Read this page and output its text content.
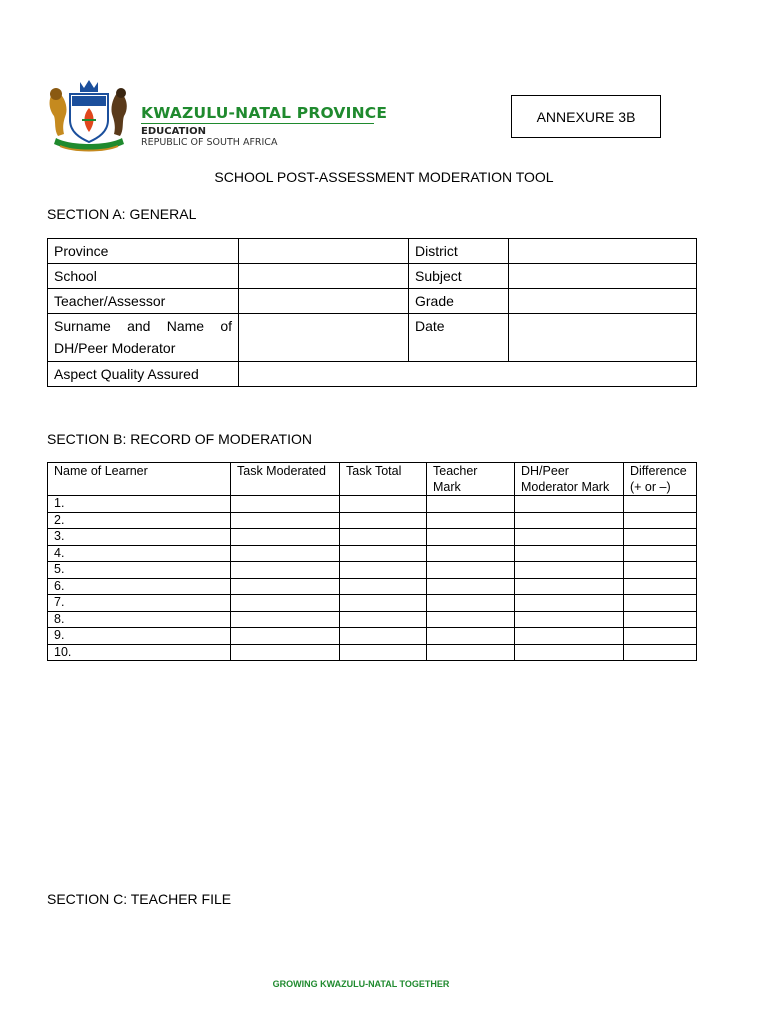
KWAZULU-NATAL PROVINCE
EDUCATION
REPUBLIC OF SOUTH AFRICA
ANNEXURE 3B
SCHOOL POST-ASSESSMENT MODERATION TOOL
SECTION A: GENERAL
Province		District	
School		Subject	
Teacher/Assessor		Grade	

Surname and Name of
DH/Peer Moderator		Date	
Aspect Quality Assured			
SECTION B: RECORD OF MODERATION
Name of Learner	Task Moderated	Task Total	Teacher Mark	DH/Peer Moderator Mark	Difference (+ or –)
1.					
2.					
3.					
4.					
5.					
6.					
7.					
8.					
9.					
10.					
SECTION C: TEACHER FILE
GROWING KWAZULU-NATAL TOGETHER
